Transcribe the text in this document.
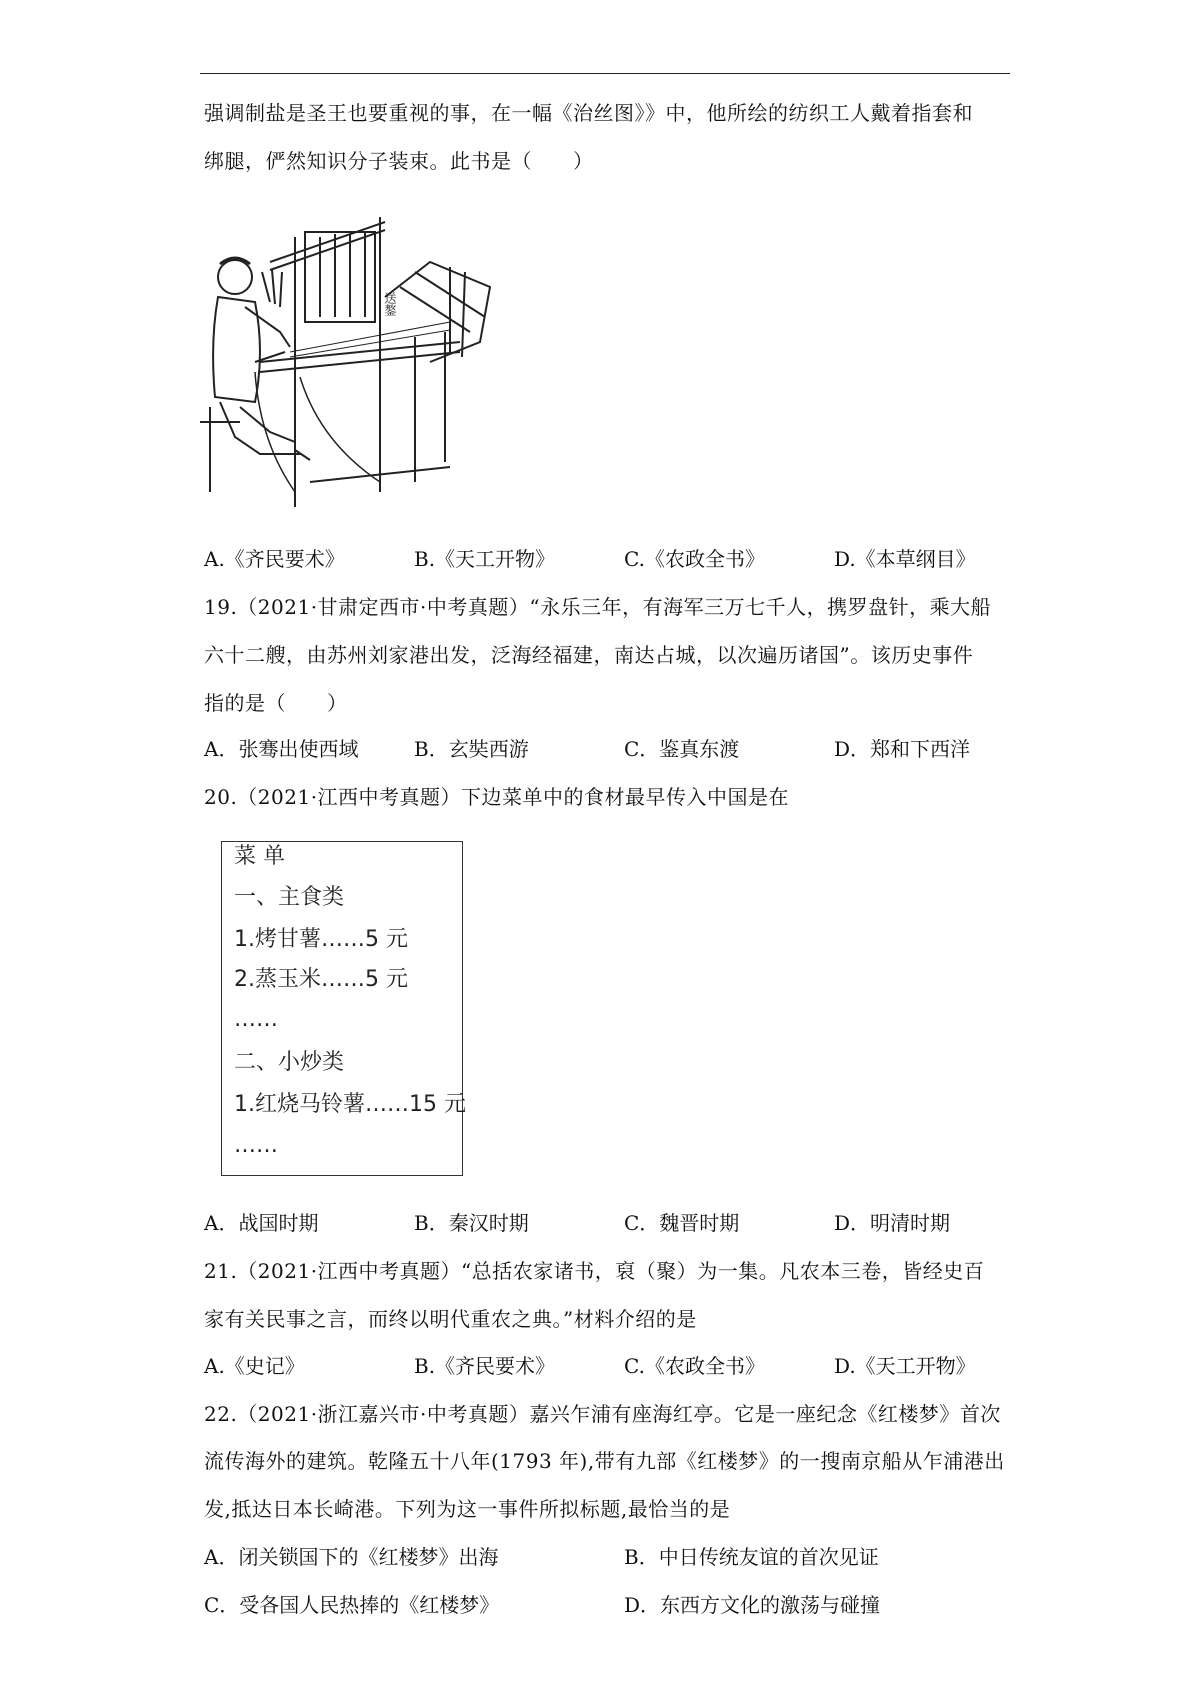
强调制盐是圣王也要重视的事，在一幅《治丝图》》中，他所绘的纺织工人戴着指套和
绑腿，俨然知识分子装束。此书是（　　）
送鏊
A.《齐民要术》	B.《天工开物》	C.《农政全书》	D.《本草纲目》
19.（2021·甘肃定西市·中考真题）“永乐三年，有海军三万七千人，携罗盘针，乘大船
六十二艘，由苏州刘家港出发，泛海经福建，南达占城，以次遍历诸国”。该历史事件
指的是（　　）
A．张骞出使西域	B．玄奘西游	C．鉴真东渡	D．郑和下西洋
20.（2021·江西中考真题）下边菜单中的食材最早传入中国是在
菜 单
一、主食类
1.烤甘薯……5 元
2.蒸玉米……5 元
……
二、小炒类
1.红烧马铃薯……15 元
……
A．战国时期	B．秦汉时期	C．魏晋时期	D．明清时期
21.（2021·江西中考真题）“总括农家诸书，裒（聚）为一集。凡农本三卷，皆经史百
家有关民事之言，而终以明代重农之典。”材料介绍的是
A.《史记》	B.《齐民要术》	C.《农政全书》	D.《天工开物》
22.（2021·浙江嘉兴市·中考真题）嘉兴乍浦有座海红亭。它是一座纪念《红楼梦》首次
流传海外的建筑。乾隆五十八年(1793 年),带有九部《红楼梦》的一搜南京船从乍浦港出
发,抵达日本长崎港。下列为这一事件所拟标题,最恰当的是
A．闭关锁国下的《红楼梦》出海	B．中日传统友谊的首次见证
C．受各国人民热捧的《红楼梦》	D．东西方文化的激荡与碰撞
